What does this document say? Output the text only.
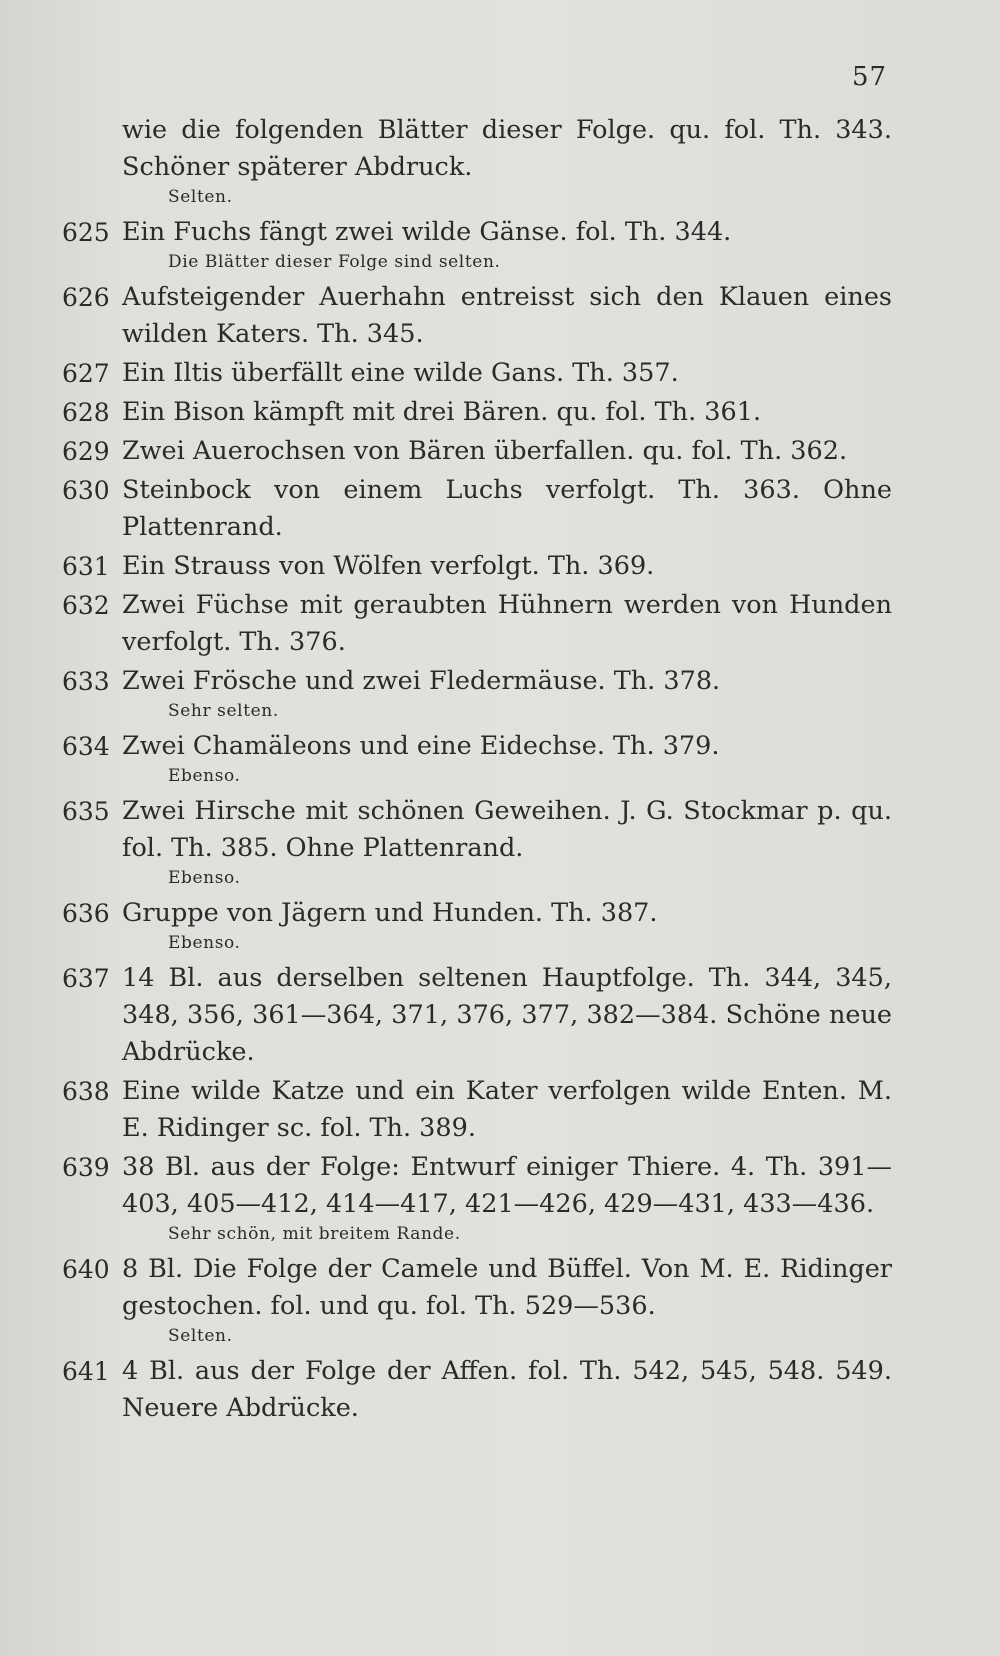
57
wie die folgenden Blätter dieser Folge. qu. fol. Th. 343. Schöner späterer Abdruck.
Selten.
625 Ein Fuchs fängt zwei wilde Gänse. fol. Th. 344.
Die Blätter dieser Folge sind selten.
626 Aufsteigender Auerhahn entreisst sich den Klauen eines wilden Katers. Th. 345.
627 Ein Iltis überfällt eine wilde Gans. Th. 357.
628 Ein Bison kämpft mit drei Bären. qu. fol. Th. 361.
629 Zwei Auerochsen von Bären überfallen. qu. fol. Th. 362.
630 Steinbock von einem Luchs verfolgt. Th. 363. Ohne Plattenrand.
631 Ein Strauss von Wölfen verfolgt. Th. 369.
632 Zwei Füchse mit geraubten Hühnern werden von Hunden verfolgt. Th. 376.
633 Zwei Frösche und zwei Fledermäuse. Th. 378.
Sehr selten.
634 Zwei Chamäleons und eine Eidechse. Th. 379.
Ebenso.
635 Zwei Hirsche mit schönen Geweihen. J. G. Stockmar p. qu. fol. Th. 385. Ohne Plattenrand.
Ebenso.
636 Gruppe von Jägern und Hunden. Th. 387.
Ebenso.
637 14 Bl. aus derselben seltenen Hauptfolge. Th. 344, 345, 348, 356, 361—364, 371, 376, 377, 382—384. Schöne neue Abdrücke.
638 Eine wilde Katze und ein Kater verfolgen wilde Enten. M. E. Ridinger sc. fol. Th. 389.
639 38 Bl. aus der Folge: Entwurf einiger Thiere. 4. Th. 391—403, 405—412, 414—417, 421—426, 429—431, 433—436.
Sehr schön, mit breitem Rande.
640 8 Bl. Die Folge der Camele und Büffel. Von M. E. Ridinger gestochen. fol. und qu. fol. Th. 529—536.
Selten.
641 4 Bl. aus der Folge der Affen. fol. Th. 542, 545, 548. 549. Neuere Abdrücke.
